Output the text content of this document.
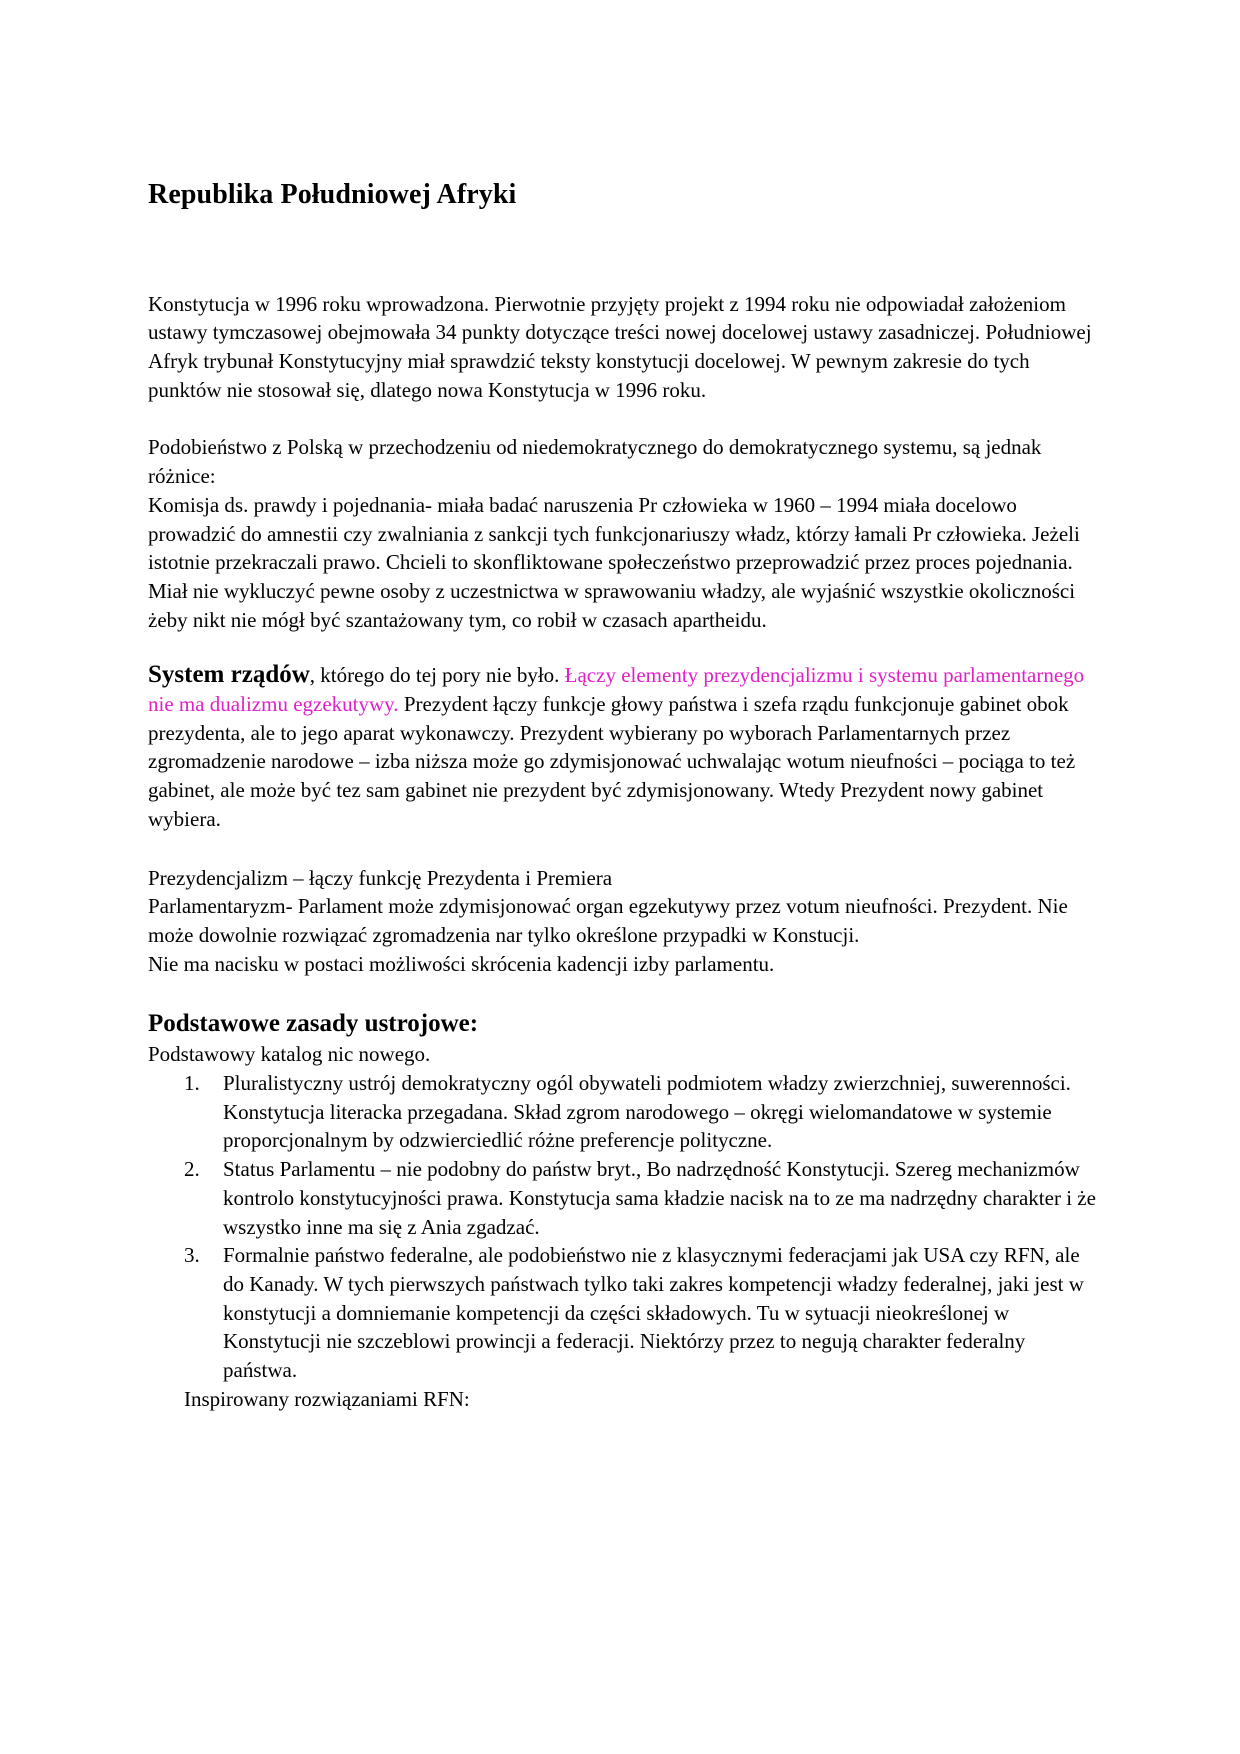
Republika Południowej Afryki

Konstytucja w 1996 roku wprowadzona. Pierwotnie przyjęty projekt z 1994 roku nie odpowiadał założeniom ustawy tymczasowej obejmowała 34 punkty dotyczące treści nowej docelowej ustawy zasadniczej. Południowej Afryk trybunał Konstytucyjny miał sprawdzić teksty konstytucji docelowej. W pewnym zakresie do tych punktów nie stosował się, dlatego nowa Konstytucja w 1996 roku.

Podobieństwo z Polską w przechodzeniu od niedemokratycznego do demokratycznego systemu, są jednak różnice:
Komisja ds. prawdy i pojednania- miała badać naruszenia Pr człowieka w 1960 – 1994 miała docelowo prowadzić do amnestii czy zwalniania z sankcji tych funkcjonariuszy władz, którzy łamali Pr człowieka. Jeżeli istotnie przekraczali prawo. Chcieli to skonfliktowane społeczeństwo przeprowadzić przez proces pojednania. Miał nie wykluczyć pewne osoby z uczestnictwa w sprawowaniu władzy, ale wyjaśnić wszystkie okoliczności żeby nikt nie mógł być szantażowany tym, co robił w czasach apartheidu.

System rządów, którego do tej pory nie było. Łączy elementy prezydencjalizmu i systemu parlamentarnego nie ma dualizmu egzekutywy. Prezydent łączy funkcje głowy państwa i szefa rządu funkcjonuje gabinet obok prezydenta, ale to jego aparat wykonawczy. Prezydent wybierany po wyborach Parlamentarnych przez zgromadzenie narodowe – izba niższa może go zdymisjonować uchwalając wotum nieufności – pociąga to też gabinet, ale może być tez sam gabinet nie prezydent być zdymisjonowany. Wtedy Prezydent nowy gabinet wybiera.

Prezydencjalizm – łączy funkcję Prezydenta i Premiera
Parlamentaryzm- Parlament może zdymisjonować organ egzekutywy przez votum nieufności. Prezydent. Nie może dowolnie rozwiązać zgromadzenia nar tylko określone przypadki w Konstucji.
Nie ma nacisku w postaci możliwości skrócenia kadencji izby parlamentu.

Podstawowe zasady ustrojowe:

Podstawowy katalog nic nowego.

1.	Pluralistyczny ustrój demokratyczny ogól obywateli podmiotem władzy zwierzchniej, suwerenności. Konstytucja literacka przegadana. Skład zgrom narodowego – okręgi wielomandatowe w systemie proporcjonalnym by odzwierciedlić różne preferencje polityczne.
2.	Status Parlamentu – nie podobny do państw bryt., Bo nadrzędność Konstytucji. Szereg mechanizmów kontrolo konstytucyjności prawa. Konstytucja sama kładzie nacisk na to ze ma nadrzędny charakter i że wszystko inne ma się z Ania zgadzać.
3.	Formalnie państwo federalne, ale podobieństwo nie z klasycznymi federacjami jak USA czy RFN, ale do Kanady. W tych pierwszych państwach tylko taki zakres kompetencji władzy federalnej, jaki jest w konstytucji a domniemanie kompetencji da części składowych. Tu w sytuacji nieokreślonej w Konstytucji nie szczeblowi prowincji a federacji. Niektórzy przez to negują charakter federalny państwa.

Inspirowany rozwiązaniami RFN:
